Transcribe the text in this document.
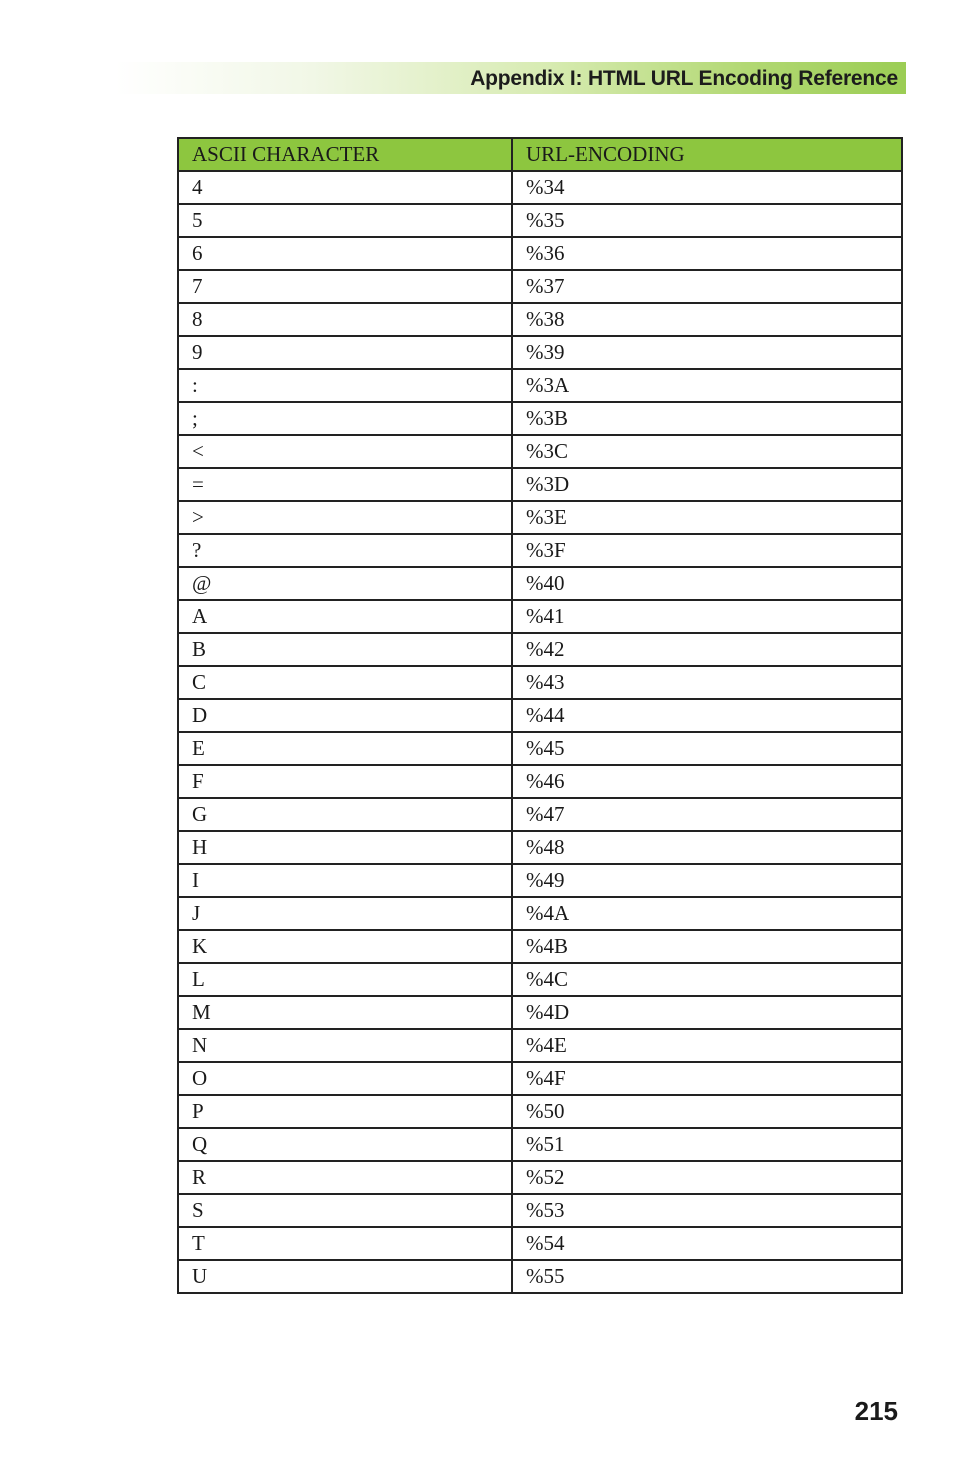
Appendix I: HTML URL Encoding Reference
ASCII CHARACTER	URL-ENCODING
4	%34
5	%35
6	%36
7	%37
8	%38
9	%39
:	%3A
;	%3B
<	%3C
=	%3D
>	%3E
?	%3F
@	%40
A	%41
B	%42
C	%43
D	%44
E	%45
F	%46
G	%47
H	%48
I	%49
J	%4A
K	%4B
L	%4C
M	%4D
N	%4E
O	%4F
P	%50
Q	%51
R	%52
S	%53
T	%54
U	%55
215
